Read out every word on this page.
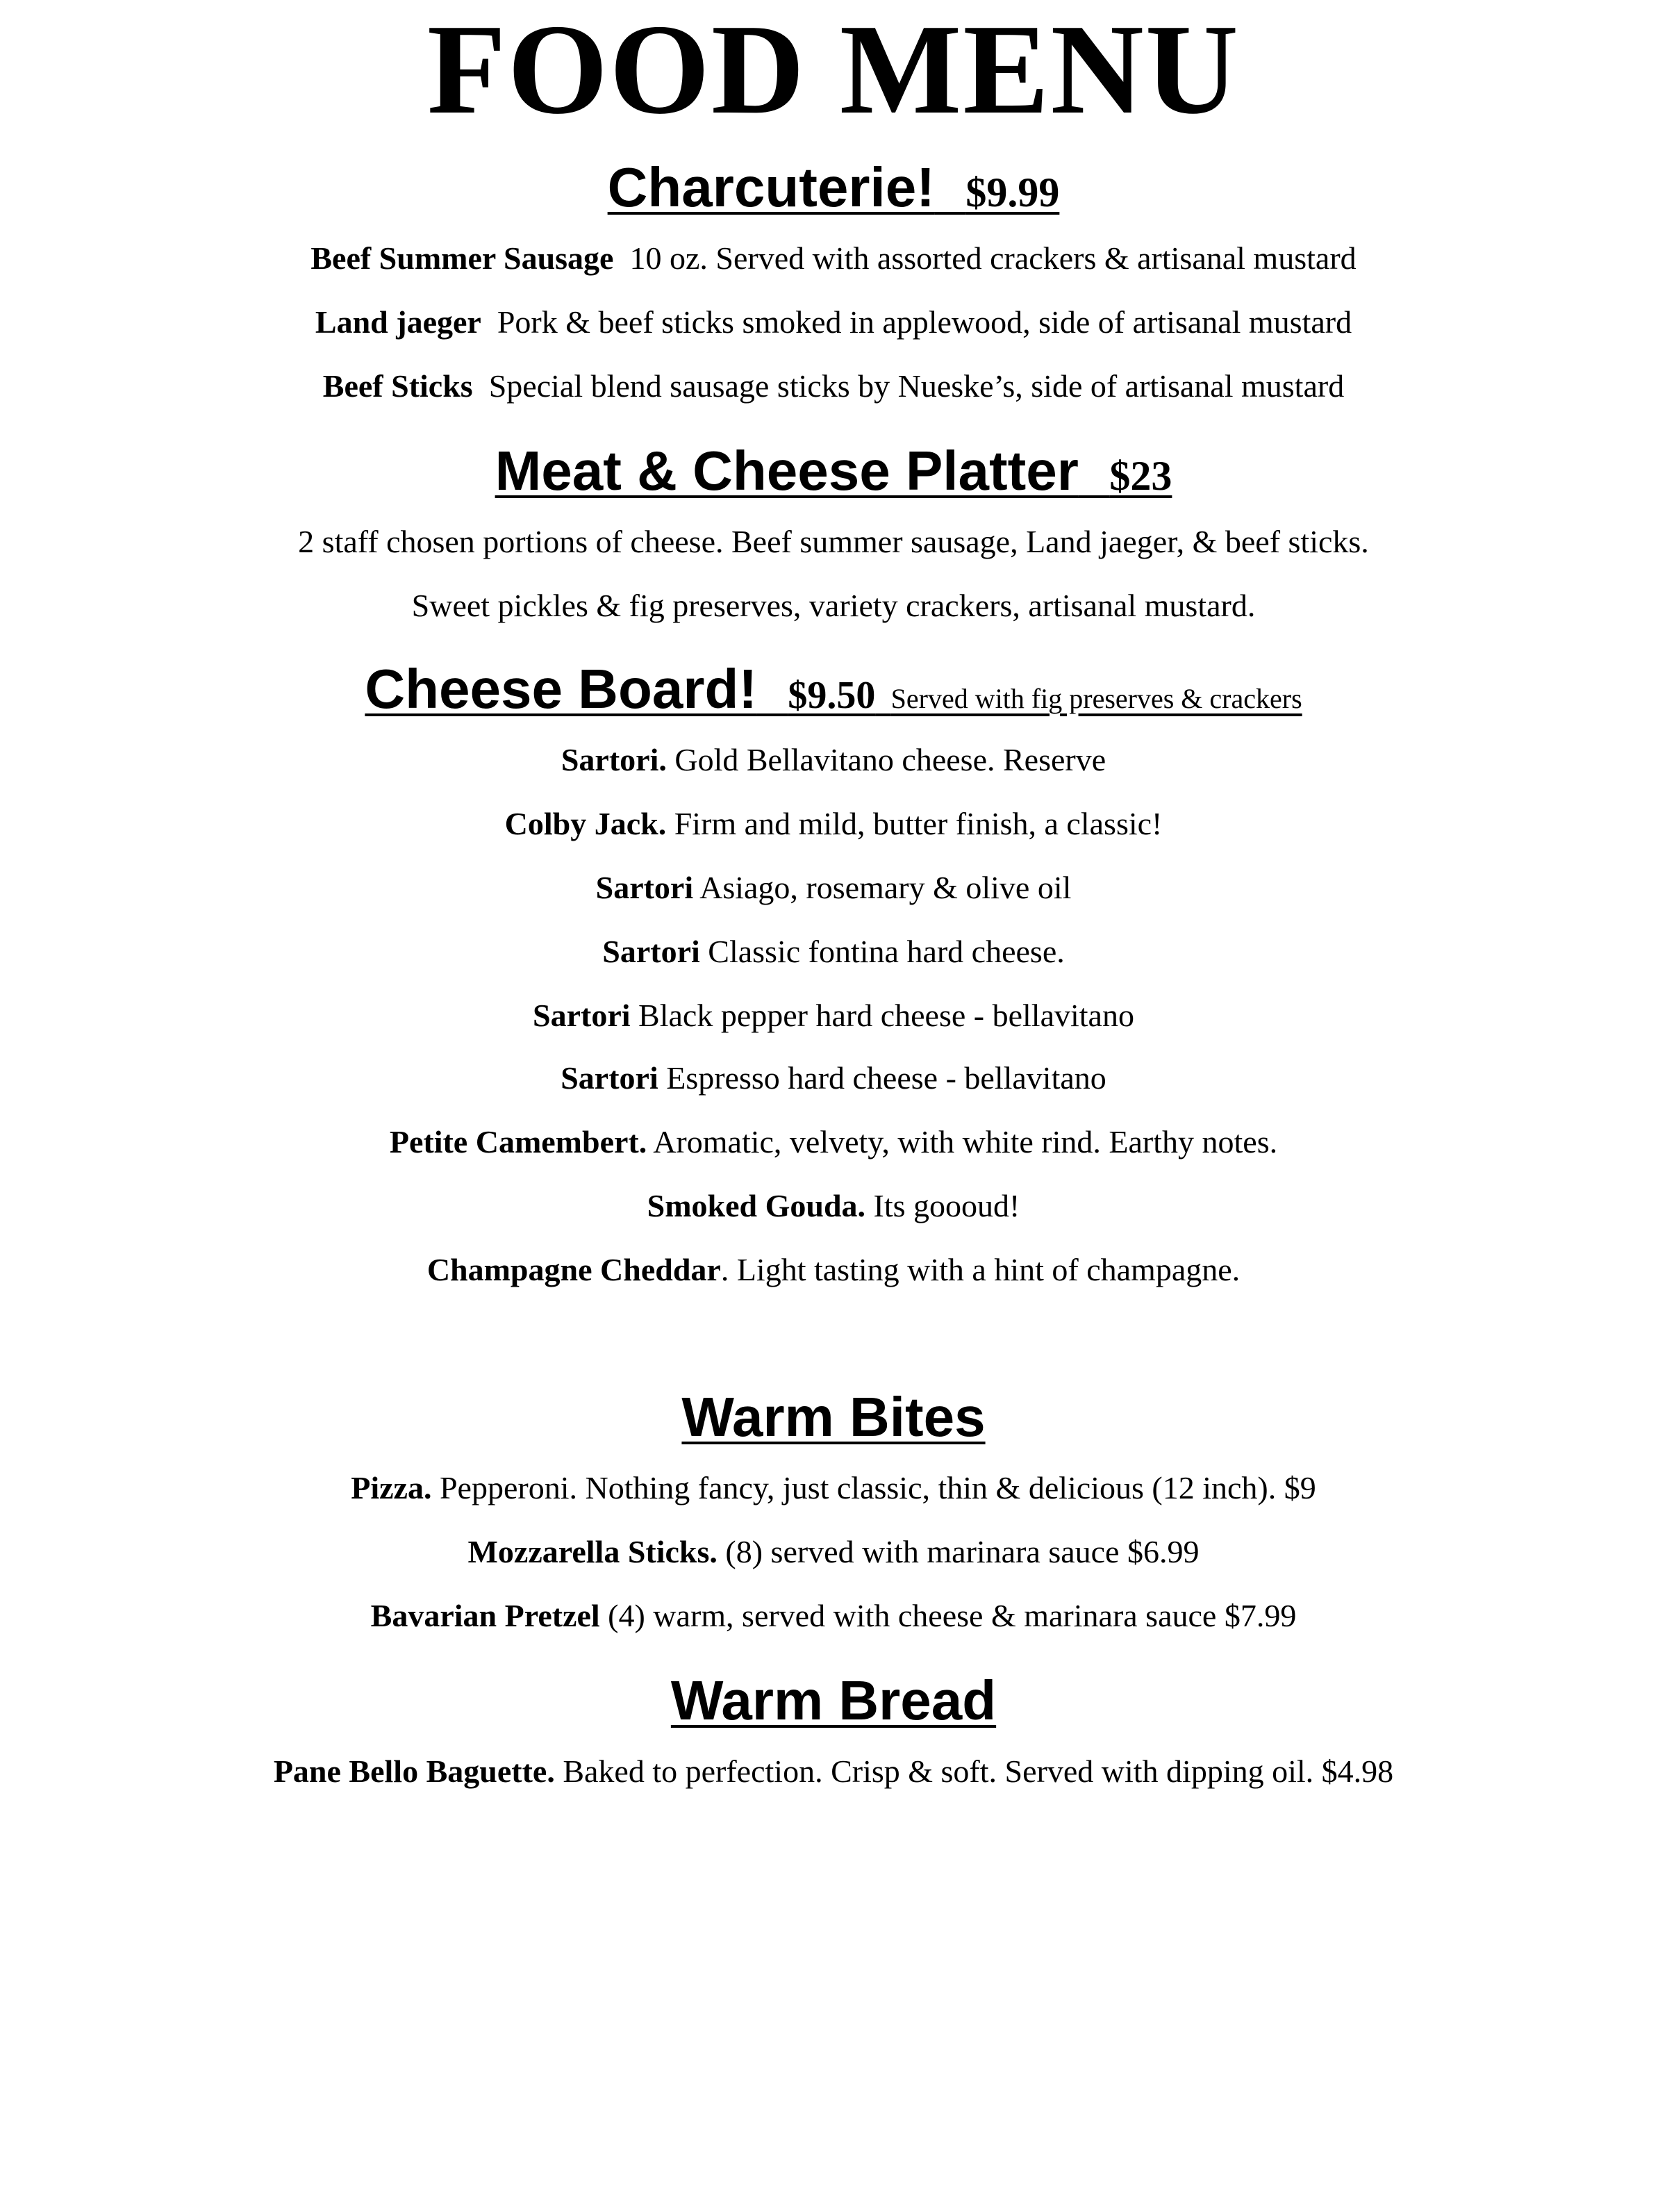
FOOD MENU
Charcuterie! $9.99
Beef Summer Sausage 10 oz. Served with assorted crackers & artisanal mustard
Land jaeger Pork & beef sticks smoked in applewood, side of artisanal mustard
Beef Sticks Special blend sausage sticks by Nueske’s, side of artisanal mustard
Meat & Cheese Platter $23
2 staff chosen portions of cheese. Beef summer sausage, Land jaeger, & beef sticks.
Sweet pickles & fig preserves, variety crackers, artisanal mustard.
Cheese Board! $9.50 Served with fig preserves & crackers
Sartori. Gold Bellavitano cheese. Reserve
Colby Jack. Firm and mild, butter finish, a classic!
Sartori Asiago, rosemary & olive oil
Sartori Classic fontina hard cheese.
Sartori Black pepper hard cheese - bellavitano
Sartori Espresso hard cheese - bellavitano
Petite Camembert. Aromatic, velvety, with white rind. Earthy notes.
Smoked Gouda. Its goooud!
Champagne Cheddar. Light tasting with a hint of champagne.
Warm Bites
Pizza. Pepperoni. Nothing fancy, just classic, thin & delicious (12 inch). $9
Mozzarella Sticks. (8) served with marinara sauce $6.99
Bavarian Pretzel (4) warm, served with cheese & marinara sauce $7.99
Warm Bread
Pane Bello Baguette. Baked to perfection. Crisp & soft. Served with dipping oil. $4.98
